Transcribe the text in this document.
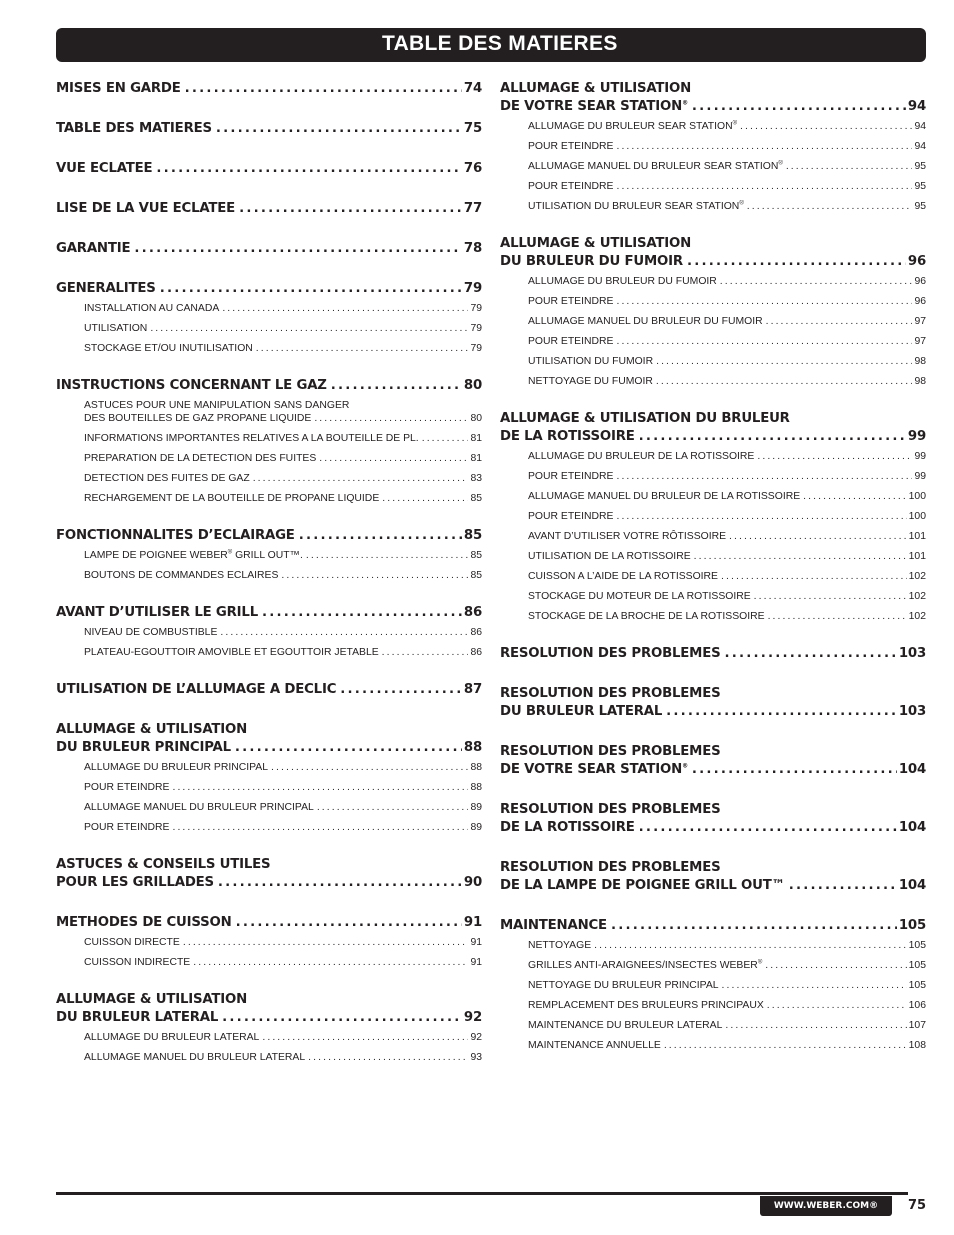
TABLE DES MATIERES
MISES EN GARDE .....	74
TABLE DES MATIERES .....	75
VUE ECLATEE .....	76
LISE DE LA VUE ECLATEE .....	77
GARANTIE .....	78
GENERALITES .....	79
INSTALLATION AU CANADA .....	79
UTILISATION .....	79
STOCKAGE ET/OU INUTILISATION .....	79
INSTRUCTIONS CONCERNANT LE GAZ .....	80
ASTUCES POUR UNE MANIPULATION SANS DANGER
DES BOUTEILLES DE GAZ PROPANE LIQUIDE .....	80
INFORMATIONS IMPORTANTES RELATIVES A LA BOUTEILLE DE PL. .....	81
PREPARATION DE LA DETECTION DES FUITES .....	81
DETECTION DES FUITES DE GAZ .....	83
RECHARGEMENT DE LA BOUTEILLE DE PROPANE LIQUIDE .....	85
FONCTIONNALITES D’ECLAIRAGE .....	85
LAMPE DE POIGNEE WEBER® GRILL OUT™. .....	85
BOUTONS DE COMMANDES ECLAIRES .....	85
AVANT D’UTILISER LE GRILL .....	86
NIVEAU DE COMBUSTIBLE .....	86
PLATEAU-EGOUTTOIR AMOVIBLE ET EGOUTTOIR JETABLE .....	86
UTILISATION DE L’ALLUMAGE A DECLIC .....	87
ALLUMAGE & UTILISATION
DU BRULEUR PRINCIPAL .....	88
ALLUMAGE DU BRULEUR PRINCIPAL .....	88
POUR ETEINDRE .....	88
ALLUMAGE MANUEL DU BRULEUR PRINCIPAL .....	89
POUR ETEINDRE .....	89
ASTUCES & CONSEILS UTILES
POUR LES GRILLADES .....	90
METHODES DE CUISSON .....	91
CUISSON DIRECTE .....	91
CUISSON INDIRECTE .....	91
ALLUMAGE & UTILISATION
DU BRULEUR LATERAL .....	92
ALLUMAGE DU BRULEUR LATERAL .....	92
ALLUMAGE MANUEL DU BRULEUR LATERAL .....	93
ALLUMAGE & UTILISATION
DE VOTRE SEAR STATION® .....	94
ALLUMAGE DU BRULEUR SEAR STATION® .....	94
POUR ETEINDRE .....	94
ALLUMAGE MANUEL DU BRULEUR SEAR STATION® .....	95
POUR ETEINDRE .....	95
UTILISATION DU BRULEUR SEAR STATION® .....	95
ALLUMAGE & UTILISATION
DU BRULEUR DU FUMOIR .....	96
ALLUMAGE DU BRULEUR DU FUMOIR .....	96
POUR ETEINDRE .....	96
ALLUMAGE MANUEL DU BRULEUR DU FUMOIR .....	97
POUR ETEINDRE .....	97
UTILISATION DU FUMOIR .....	98
NETTOYAGE DU FUMOIR .....	98
ALLUMAGE & UTILISATION DU BRULEUR
DE LA ROTISSOIRE .....	99
ALLUMAGE DU BRULEUR DE LA ROTISSOIRE .....	99
POUR ETEINDRE .....	99
ALLUMAGE MANUEL DU BRULEUR DE LA ROTISSOIRE .....	100
POUR ETEINDRE .....	100
AVANT D’UTILISER VOTRE RÔTISSOIRE .....	101
UTILISATION DE LA ROTISSOIRE .....	101
CUISSON A L’AIDE DE LA ROTISSOIRE .....	102
STOCKAGE DU MOTEUR DE LA ROTISSOIRE .....	102
STOCKAGE DE LA BROCHE DE LA ROTISSOIRE .....	102
RESOLUTION DES PROBLEMES .....	103
RESOLUTION DES PROBLEMES
DU BRULEUR LATERAL .....	103
RESOLUTION DES PROBLEMES
DE VOTRE SEAR STATION® .....	104
RESOLUTION DES PROBLEMES
DE LA ROTISSOIRE .....	104
RESOLUTION DES PROBLEMES
DE LA LAMPE DE POIGNEE GRILL OUT™ .....	104
MAINTENANCE .....	105
NETTOYAGE .....	105
GRILLES ANTI-ARAIGNEES/INSECTES WEBER® .....	105
NETTOYAGE DU BRULEUR PRINCIPAL .....	105
REMPLACEMENT DES BRULEURS PRINCIPAUX .....	106
MAINTENANCE DU BRULEUR LATERAL .....	107
MAINTENANCE ANNUELLE .....	108
WWW.WEBER.COM®	75
